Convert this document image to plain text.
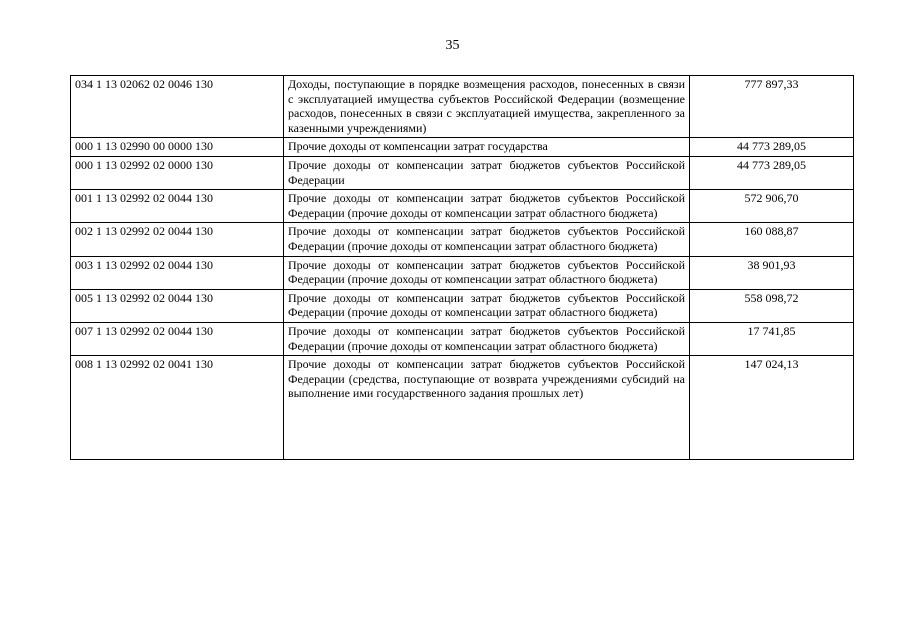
35
034 1 13 02062 02 0046 130	Доходы, поступающие в порядке возмещения расходов, понесенных в связи с эксплуатацией имущества субъектов Российской Федерации (возмещение расходов, понесенных в связи с эксплуатацией имущества, закрепленного за казенными учреждениями)	777 897,33
000 1 13 02990 00 0000 130	Прочие доходы от компенсации затрат государства	44 773 289,05
000 1 13 02992 02 0000 130	Прочие доходы от компенсации затрат бюджетов субъектов Российской Федерации	44 773 289,05
001 1 13 02992 02 0044 130	Прочие доходы от компенсации затрат бюджетов субъектов Российской Федерации (прочие доходы от компенсации затрат областного бюджета)	572 906,70
002 1 13 02992 02 0044 130	Прочие доходы от компенсации затрат бюджетов субъектов Российской Федерации (прочие доходы от компенсации затрат областного бюджета)	160 088,87
003 1 13 02992 02 0044 130	Прочие доходы от компенсации затрат бюджетов субъектов Российской Федерации (прочие доходы от компенсации затрат областного бюджета)	38 901,93
005 1 13 02992 02 0044 130	Прочие доходы от компенсации затрат бюджетов субъектов Российской Федерации (прочие доходы от компенсации затрат областного бюджета)	558 098,72
007 1 13 02992 02 0044 130	Прочие доходы от компенсации затрат бюджетов субъектов Российской Федерации (прочие доходы от компенсации затрат областного бюджета)	17 741,85
008 1 13 02992 02 0041 130	Прочие доходы от компенсации затрат бюджетов субъектов Российской Федерации (средства, поступающие от возврата учреждениями субсидий на выполнение ими государственного задания прошлых лет)	147 024,13
